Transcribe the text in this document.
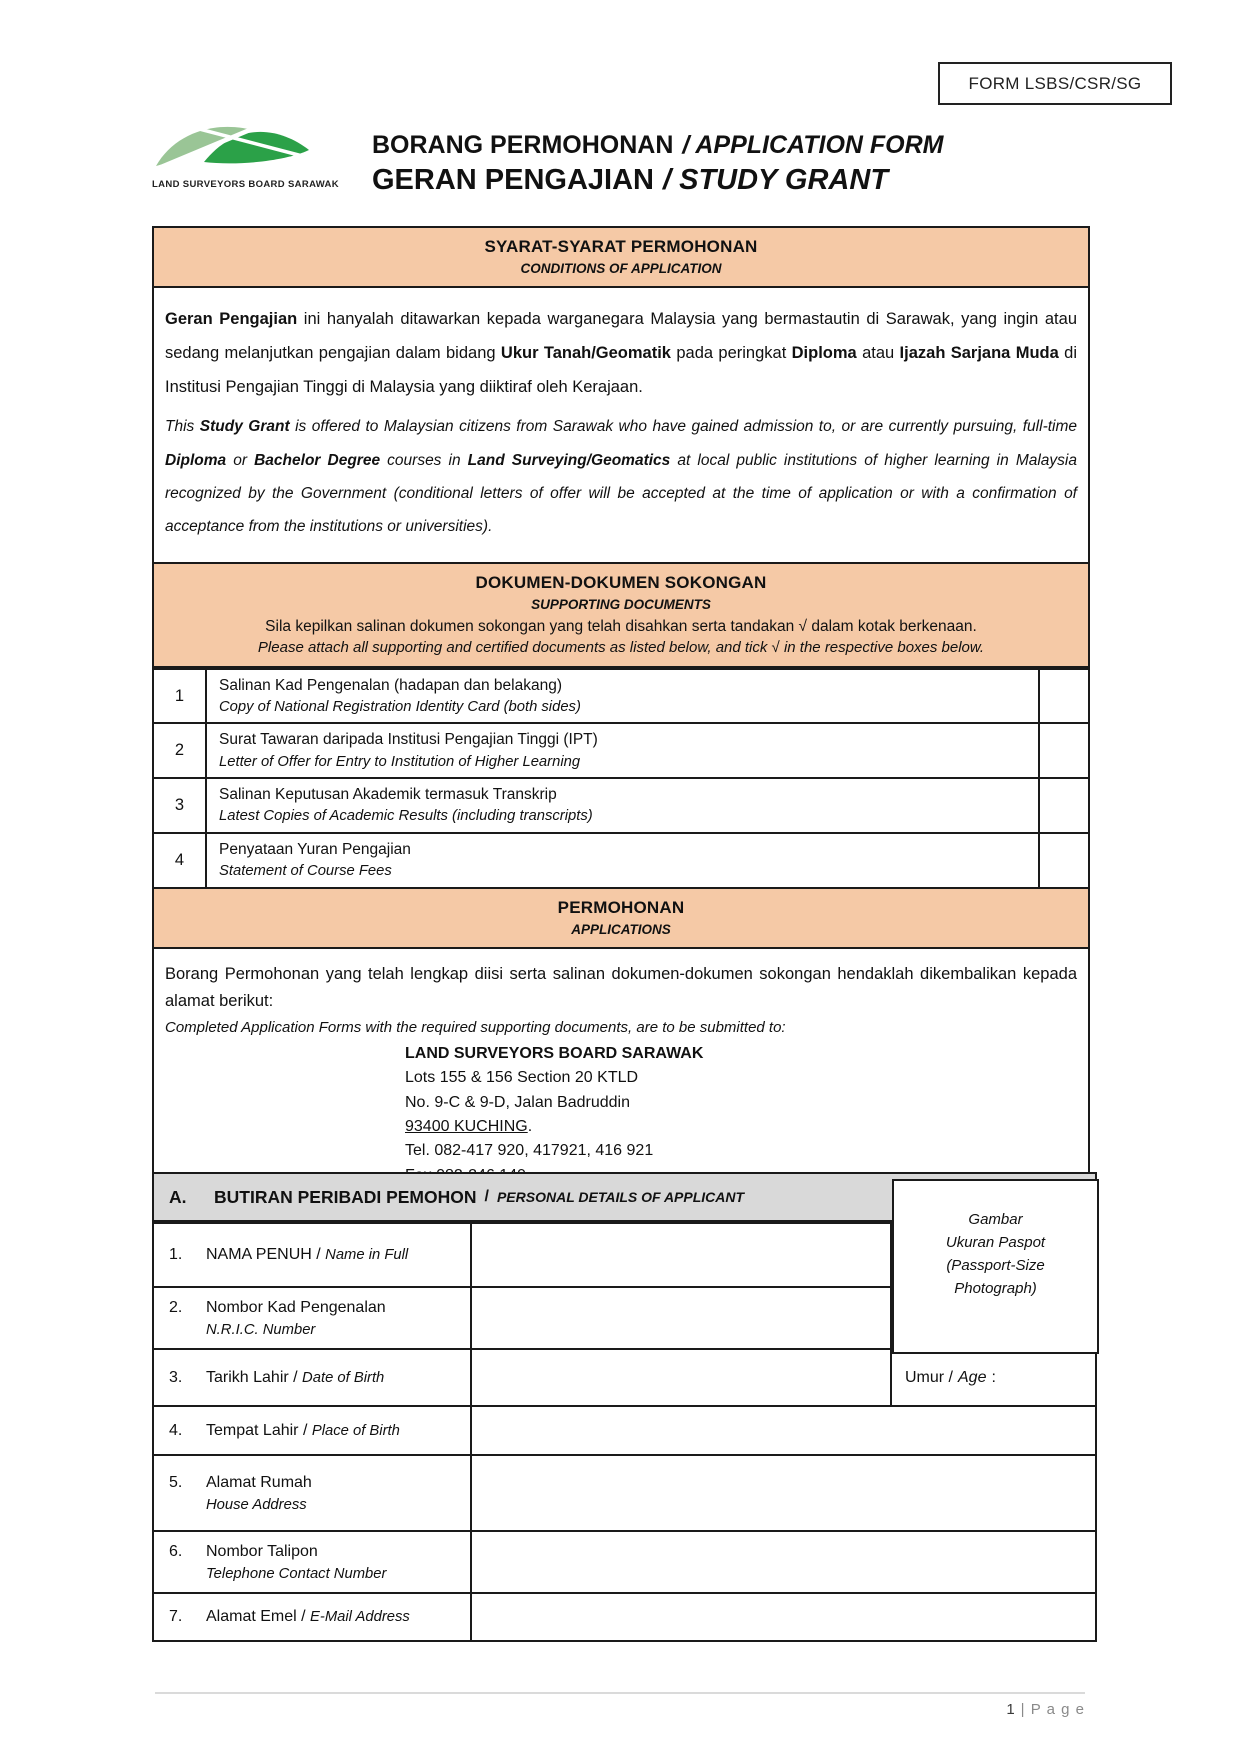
FORM LSBS/CSR/SG
LAND SURVEYORS BOARD SARAWAK
BORANG PERMOHONAN / APPLICATION FORM
GERAN PENGAJIAN / STUDY GRANT
SYARAT-SYARAT PERMOHONAN
CONDITIONS OF APPLICATION

Geran Pengajian ini hanyalah ditawarkan kepada warganegara Malaysia yang bermastautin di Sarawak, yang ingin atau sedang melanjutkan pengajian dalam bidang Ukur Tanah/Geomatik pada peringkat Diploma atau Ijazah Sarjana Muda di Institusi Pengajian Tinggi di Malaysia yang diiktiraf oleh Kerajaan.

This Study Grant is offered to Malaysian citizens from Sarawak who have gained admission to, or are currently pursuing, full-time Diploma or Bachelor Degree courses in Land Surveying/Geomatics at local public institutions of higher learning in Malaysia recognized by the Government (conditional letters of offer will be accepted at the time of application or with a confirmation of acceptance from the institutions or universities).

DOKUMEN-DOKUMEN SOKONGAN
SUPPORTING DOCUMENTS
Sila kepilkan salinan dokumen sokongan yang telah disahkan serta tandakan √ dalam kotak berkenaan.
Please attach all supporting and certified documents as listed below, and tick √ in the respective boxes below.
1
Salinan Kad Pengenalan (hadapan dan belakang)
Copy of National Registration Identity Card (both sides)
2
Surat Tawaran daripada Institusi Pengajian Tinggi (IPT)
Letter of Offer for Entry to Institution of Higher Learning
3
Salinan Keputusan Akademik termasuk Transkrip
Latest Copies of Academic Results (including transcripts)
4
Penyataan Yuran Pengajian
Statement of Course Fees
PERMOHONAN
APPLICATIONS

Borang Permohonan yang telah lengkap diisi serta salinan dokumen-dokumen sokongan hendaklah dikembalikan kepada alamat berikut:

Completed Application Forms with the required supporting documents, are to be submitted to:

LAND SURVEYORS BOARD SARAWAK
Lots 155 & 156 Section 20 KTLD
No. 9-C & 9-D, Jalan Badruddin
93400 KUCHING.
Tel. 082-417 920, 417921, 416 921
Gambar
Ukuran Paspot
(Passport-Size
Photograph)
A.	BUTIRAN PERIBADI PEMOHON / PERSONAL DETAILS OF APPLICANT
1.	NAMA PENUH / Name in Full
2.	Nombor Kad Pengenalan
N.R.I.C. Number
3.	Tarikh Lahir / Date of Birth	Umur / Age :
4.	Tempat Lahir / Place of Birth
5.	Alamat Rumah
House Address
6.	Nombor Talipon
Telephone Contact Number
7.	Alamat Emel / E-Mail Address
1 | P a g e
